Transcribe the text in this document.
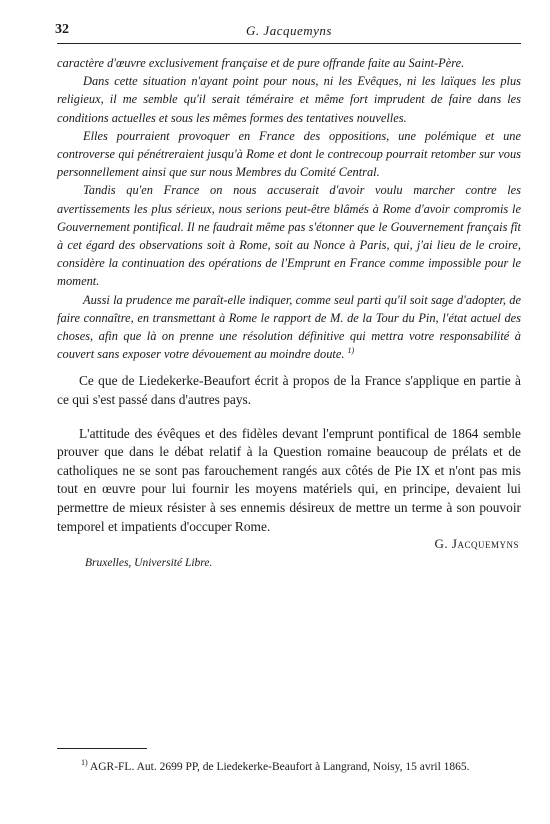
32	G. Jacquemyns

caractère d'œuvre exclusivement française et de pure offrande faite au Saint-Père.

Dans cette situation n'ayant point pour nous, ni les Evêques, ni les laïques les plus religieux, il me semble qu'il serait téméraire et même fort imprudent de faire dans les conditions actuelles et sous les mêmes formes des tentatives nouvelles.

Elles pourraient provoquer en France des oppositions, une polémique et une controverse qui pénétreraient jusqu'à Rome et dont le contrecoup pourrait retomber sur vous personnellement ainsi que sur nous Membres du Comité Central.

Tandis qu'en France on nous accuserait d'avoir voulu marcher contre les avertissements les plus sérieux, nous serions peut-être blâmés à Rome d'avoir compromis le Gouvernement pontifical. Il ne faudrait même pas s'étonner que le Gouvernement français fît à cet égard des observations soit à Rome, soit au Nonce à Paris, qui, j'ai lieu de le croire, considère la continuation des opérations de l'Emprunt en France comme impossible pour le moment.

Aussi la prudence me paraît-elle indiquer, comme seul parti qu'il soit sage d'adopter, de faire connaître, en transmettant à Rome le rapport de M. de la Tour du Pin, l'état actuel des choses, afin que là on prenne une résolution définitive qui mettra votre responsabilité à couvert sans exposer votre dévouement au moindre doute. $^{1)}$

Ce que de Liedekerke-Beaufort écrit à propos de la France s'applique en partie à ce qui s'est passé dans d'autres pays.

L'attitude des évêques et des fidèles devant l'emprunt pontifical de 1864 semble prouver que dans le débat relatif à la Question romaine beaucoup de prélats et de catholiques ne se sont pas farouchement rangés aux côtés de Pie IX et n'ont pas mis tout en œuvre pour lui fournir les moyens matériels qui, en principe, devaient lui permettre de mieux résister à ses ennemis désireux de mettre un terme à son pouvoir temporel et impatients d'occuper Rome.

G. Jacquemyns
Bruxelles, Université Libre.
$^{1)}$ AGR-FL. Aut. 2699 PP, de Liedekerke-Beaufort à Langrand, Noisy, 15 avril 1865.
